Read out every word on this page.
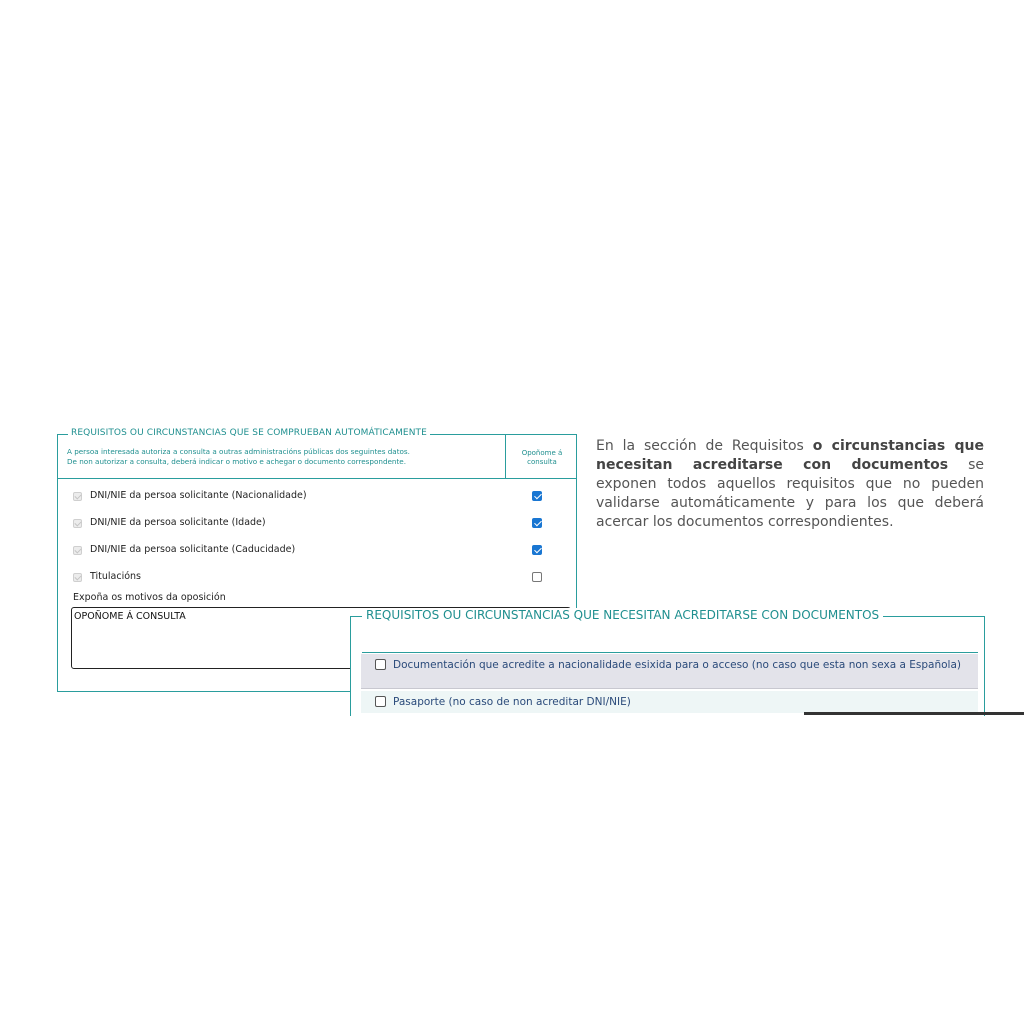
REQUISITOS OU CIRCUNSTANCIAS QUE SE COMPRUEBAN AUTOMÁTICAMENTE
A persoa interesada autoriza a consulta a outras administracións públicas dos seguintes datos.
De non autorizar a consulta, deberá indicar o motivo e achegar o documento correspondente.
Opoñome á consulta
DNI/NIE da persoa solicitante (Nacionalidade)
DNI/NIE da persoa solicitante (Idade)
DNI/NIE da persoa solicitante (Caducidade)
Titulacións
Expoña os motivos da oposición
OPOÑOME Á CONSULTA
En la sección de Requisitos o circunstancias que necesitan acreditarse con documentos se exponen todos aquellos requisitos que no pueden validarse automáticamente y para los que deberá acercar los documentos correspondientes.
REQUISITOS OU CIRCUNSTANCIAS QUE NECESITAN ACREDITARSE CON DOCUMENTOS
Documentación que acredite a nacionalidade esixida para o acceso (no caso que esta non sexa a Española)
Pasaporte (no caso de non acreditar DNI/NIE)
